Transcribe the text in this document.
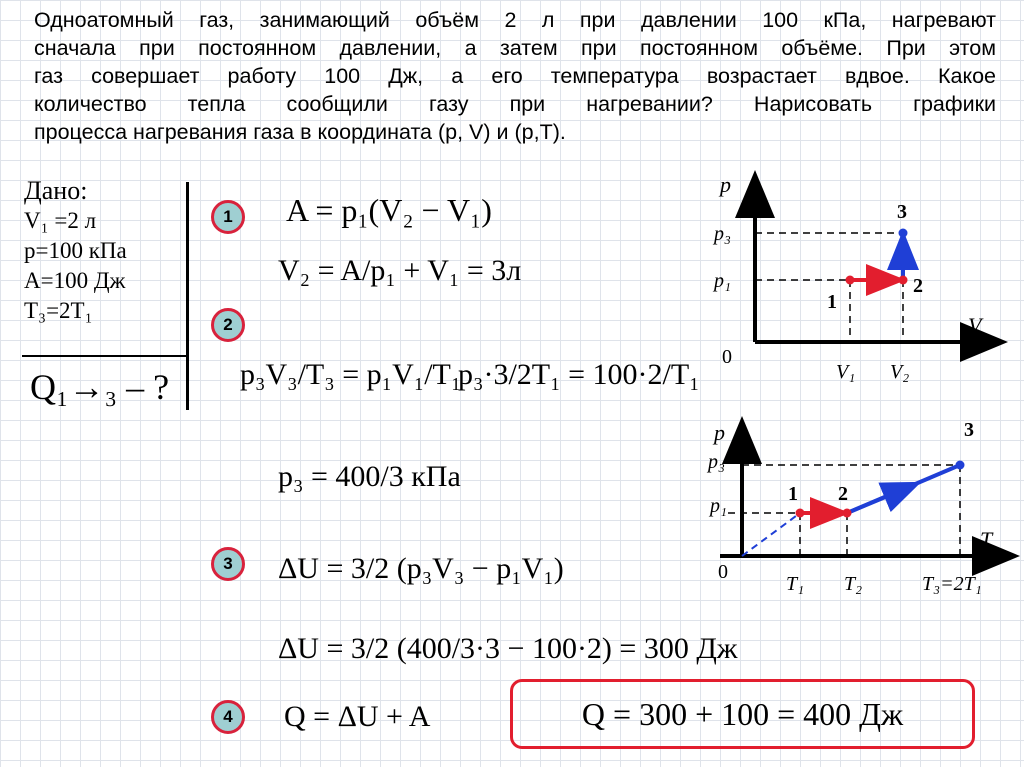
Одноатомный газ, занимающий объём 2 л при давлении 100 кПа, нагревают
сначала при постоянном давлении, а затем при постоянном объёме. При этом
газ совершает работу 100 Дж, а его температура возрастает вдвое. Какое
количество тепла сообщили газу при нагревании? Нарисовать графики
процесса нагревания газа в координата (p, V) и (p,T).
Дано:
V₁ =2 л
p=100 кПа
A=100 Дж
T₃=2T₁
Q₁→₃ – ?
1
2
3
4
A = p₁(V₂ − V₁)
V₂ = A/p₁ + V₁ = 3л
p₃V₃/T₃ = p₁V₁/T₁
p₃·3/2T₁ = 100·2/T₁
p₃ = 400/3 кПа
ΔU = 3/2 (p₃V₃ − p₁V₁)
ΔU = 3/2 (400/3·3 − 100·2) = 300 Дж
Q = ΔU + A	Q = 300 + 100 = 400 Дж
p
V
0
p₃
p₁
V₁ V₂
1
2
3
p
T
0
p₃
p₁
T₁ T₂	T₃=2T₁
1 2
3
